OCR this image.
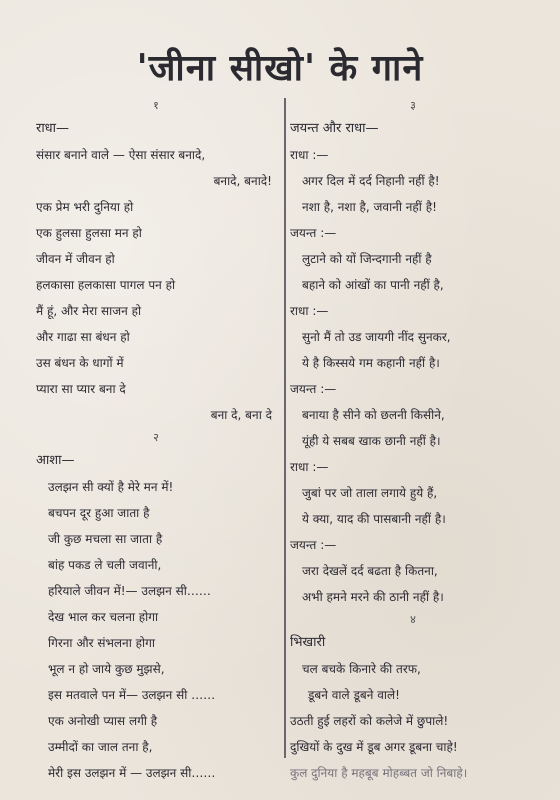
'जीना सीखो' के गाने
१
राधा—
संसार बनाने वाले — ऐसा संसार बनादे,
बनादे, बनादे!
एक प्रेम भरी दुनिया हो
एक हुलसा हुलसा मन हो
जीवन में जीवन हो
हलकासा हलकासा पागल पन हो
मैं हूं, और मेरा साजन हो
और गाढा सा बंधन हो
उस बंधन के धागों में
प्यारा सा प्यार बना दे
बना दे, बना दे
२
आशा—
उलझन सी क्यों है मेरे मन में!
बचपन दूर हुआ जाता है
जी कुछ मचला सा जाता है
बांह पकड ले चली जवानी,
हरियाले जीवन में!— उलझन सी……
देख भाल कर चलना होगा
गिरना और संभलना होगा
भूल न हो जाये कुछ मुझसे,
इस मतवाले पन में— उलझन सी ……
एक अनोखी प्यास लगी है
उम्मीदों का जाल तना है,
मेरी इस उलझन में — उलझन सी……
३
जयन्त और राधा—
राधा :—
अगर दिल में दर्द निहानी नहीं है!
नशा है, नशा है, जवानी नहीं है!
जयन्त :—
लुटाने को यों जिन्दगानी नहीं है
बहाने को आंखों का पानी नहीं है,
राधा :—
सुनो मैं तो उड जायगी नींद सुनकर,
ये है किस्सये गम कहानी नहीं है।
जयन्त :—
बनाया है सीने को छलनी किसीने,
यूंही ये सबब खाक छानी नहीं है।
राधा :—
जुबां पर जो ताला लगाये हुये हैं,
ये क्या, याद की पासबानी नहीं है।
जयन्त :—
जरा देखलें दर्द बढता है कितना,
अभी हमने मरने की ठानी नहीं है।
४
भिखारी
चल बचके किनारे की तरफ,
डूबने वाले डूबने वाले!
उठती हुई लहरों को कलेजे में छुपाले!
दुखियों के दुख में डूब अगर डूबना चाहे!
कुल दुनिया है महबूब मोहब्बत जो निबाहे।
